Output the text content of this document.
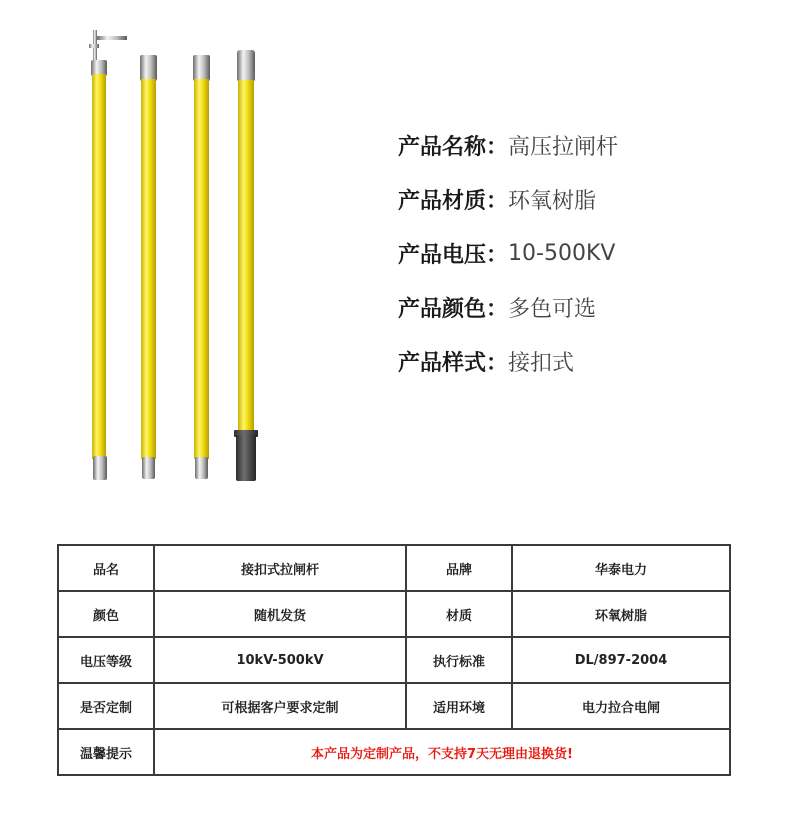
产品名称： 高压拉闸杆
产品材质： 环氧树脂
产品电压： 10-500KV
产品颜色： 多色可选
产品样式： 接扣式
品名	接扣式拉闸杆	品牌	华泰电力
颜色	随机发货	材质	环氧树脂
电压等级	10kV-500kV	执行标准	DL/897-2004
是否定制	可根据客户要求定制	适用环境	电力拉合电闸
温馨提示	本产品为定制产品，不支持7天无理由退换货!		
